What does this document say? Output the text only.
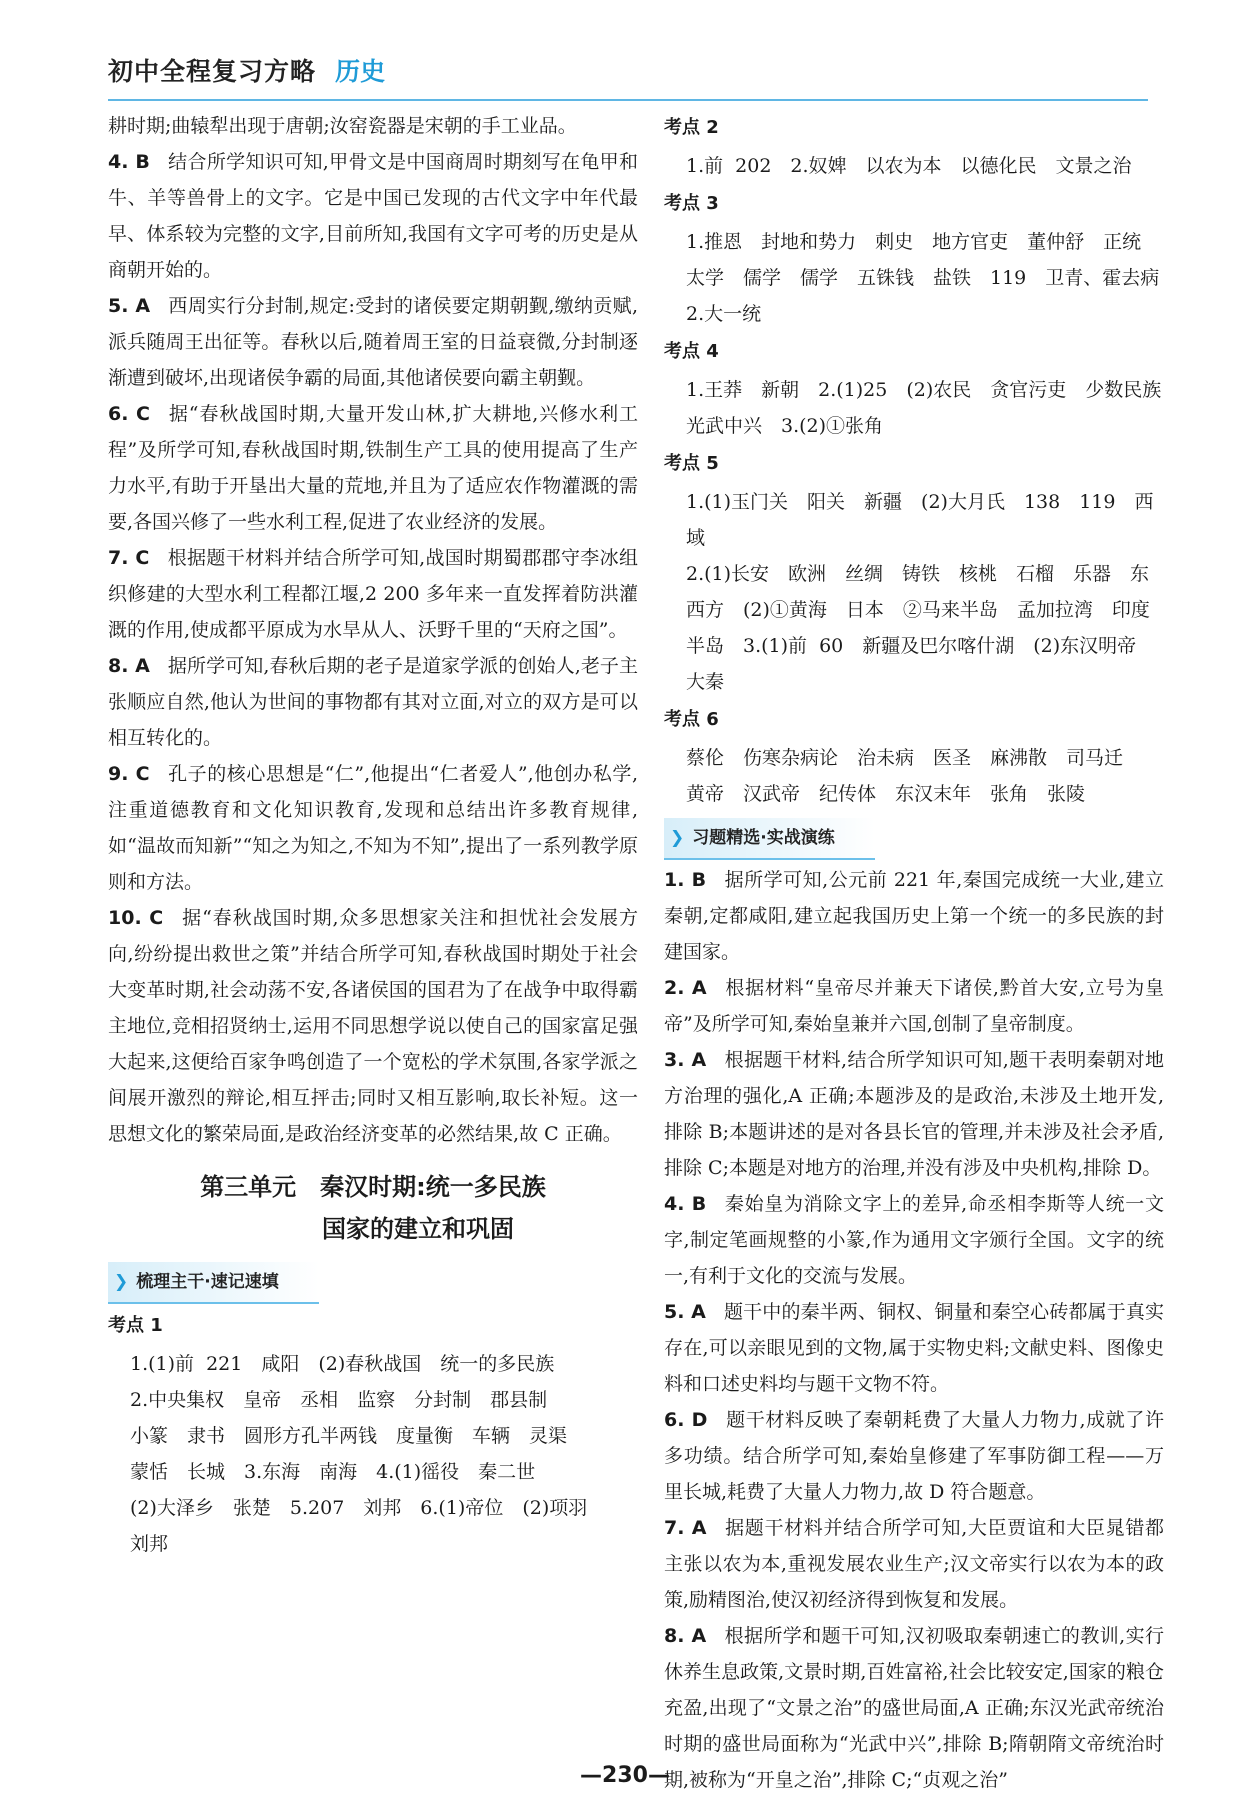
初中全程复习方略 历史

耕时期;曲辕犁出现于唐朝;汝窑瓷器是宋朝的手工业品。

4. B 结合所学知识可知,甲骨文是中国商周时期刻写在龟甲和牛、羊等兽骨上的文字。它是中国已发现的古代文字中年代最早、体系较为完整的文字,目前所知,我国有文字可考的历史是从商朝开始的。

5. A 西周实行分封制,规定:受封的诸侯要定期朝觐,缴纳贡赋,派兵随周王出征等。春秋以后,随着周王室的日益衰微,分封制逐渐遭到破坏,出现诸侯争霸的局面,其他诸侯要向霸主朝觐。

6. C 据“春秋战国时期,大量开发山林,扩大耕地,兴修水利工程”及所学可知,春秋战国时期,铁制生产工具的使用提高了生产力水平,有助于开垦出大量的荒地,并且为了适应农作物灌溉的需要,各国兴修了一些水利工程,促进了农业经济的发展。

7. C 根据题干材料并结合所学可知,战国时期蜀郡郡守李冰组织修建的大型水利工程都江堰,2 200 多年来一直发挥着防洪灌溉的作用,使成都平原成为水旱从人、沃野千里的“天府之国”。

8. A 据所学可知,春秋后期的老子是道家学派的创始人,老子主张顺应自然,他认为世间的事物都有其对立面,对立的双方是可以相互转化的。

9. C 孔子的核心思想是“仁”,他提出“仁者爱人”,他创办私学,注重道德教育和文化知识教育,发现和总结出许多教育规律,如“温故而知新”“知之为知之,不知为不知”,提出了一系列教学原则和方法。

10. C 据“春秋战国时期,众多思想家关注和担忧社会发展方向,纷纷提出救世之策”并结合所学可知,春秋战国时期处于社会大变革时期,社会动荡不安,各诸侯国的国君为了在战争中取得霸主地位,竞相招贤纳士,运用不同思想学说以使自己的国家富足强大起来,这便给百家争鸣创造了一个宽松的学术氛围,各家学派之间展开激烈的辩论,相互抨击;同时又相互影响,取长补短。这一思想文化的繁荣局面,是政治经济变革的必然结果,故 C 正确。

第三单元　秦汉时期:统一多民族
国家的建立和巩固
❯ 梳理主干·速记速填
考点 1

1.(1)前 221　咸阳　(2)春秋战国　统一的多民族

2.中央集权　皇帝　丞相　监察　分封制　郡县制

小篆　隶书　圆形方孔半两钱　度量衡　车辆　灵渠

蒙恬　长城　3.东海　南海　4.(1)徭役　秦二世

(2)大泽乡　张楚　5.207　刘邦　6.(1)帝位　(2)项羽

刘邦

考点 2

1.前 202　2.奴婢　以农为本　以德化民　文景之治

考点 3

1.推恩　封地和势力　刺史　地方官吏　董仲舒　正统

太学　儒学　儒学　五铢钱　盐铁　119　卫青、霍去病

2.大一统

考点 4

1.王莽　新朝　2.(1)25　(2)农民　贪官污吏　少数民族

光武中兴　3.(2)①张角

考点 5

1.(1)玉门关　阳关　新疆　(2)大月氏　138　119　西域

2.(1)长安　欧洲　丝绸　铸铁　核桃　石榴　乐器　东

西方　(2)①黄海　日本　②马来半岛　孟加拉湾　印度

半岛　3.(1)前 60　新疆及巴尔喀什湖　(2)东汉明帝

大秦

考点 6

蔡伦　伤寒杂病论　治未病　医圣　麻沸散　司马迁

黄帝　汉武帝　纪传体　东汉末年　张角　张陵

❯ 习题精选·实战演练

1. B 据所学可知,公元前 221 年,秦国完成统一大业,建立秦朝,定都咸阳,建立起我国历史上第一个统一的多民族的封建国家。

2. A 根据材料“皇帝尽并兼天下诸侯,黔首大安,立号为皇帝”及所学可知,秦始皇兼并六国,创制了皇帝制度。

3. A 根据题干材料,结合所学知识可知,题干表明秦朝对地方治理的强化,A 正确;本题涉及的是政治,未涉及土地开发,排除 B;本题讲述的是对各县长官的管理,并未涉及社会矛盾,排除 C;本题是对地方的治理,并没有涉及中央机构,排除 D。

4. B 秦始皇为消除文字上的差异,命丞相李斯等人统一文字,制定笔画规整的小篆,作为通用文字颁行全国。文字的统一,有利于文化的交流与发展。

5. A 题干中的秦半两、铜权、铜量和秦空心砖都属于真实存在,可以亲眼见到的文物,属于实物史料;文献史料、图像史料和口述史料均与题干文物不符。

6. D 题干材料反映了秦朝耗费了大量人力物力,成就了许多功绩。结合所学可知,秦始皇修建了军事防御工程——万里长城,耗费了大量人力物力,故 D 符合题意。

7. A 据题干材料并结合所学可知,大臣贾谊和大臣晁错都主张以农为本,重视发展农业生产;汉文帝实行以农为本的政策,励精图治,使汉初经济得到恢复和发展。

8. A 根据所学和题干可知,汉初吸取秦朝速亡的教训,实行休养生息政策,文景时期,百姓富裕,社会比较安定,国家的粮仓充盈,出现了“文景之治”的盛世局面,A 正确;东汉光武帝统治时期的盛世局面称为“光武中兴”,排除 B;隋朝隋文帝统治时期,被称为“开皇之治”,排除 C;“贞观之治”

—230—
